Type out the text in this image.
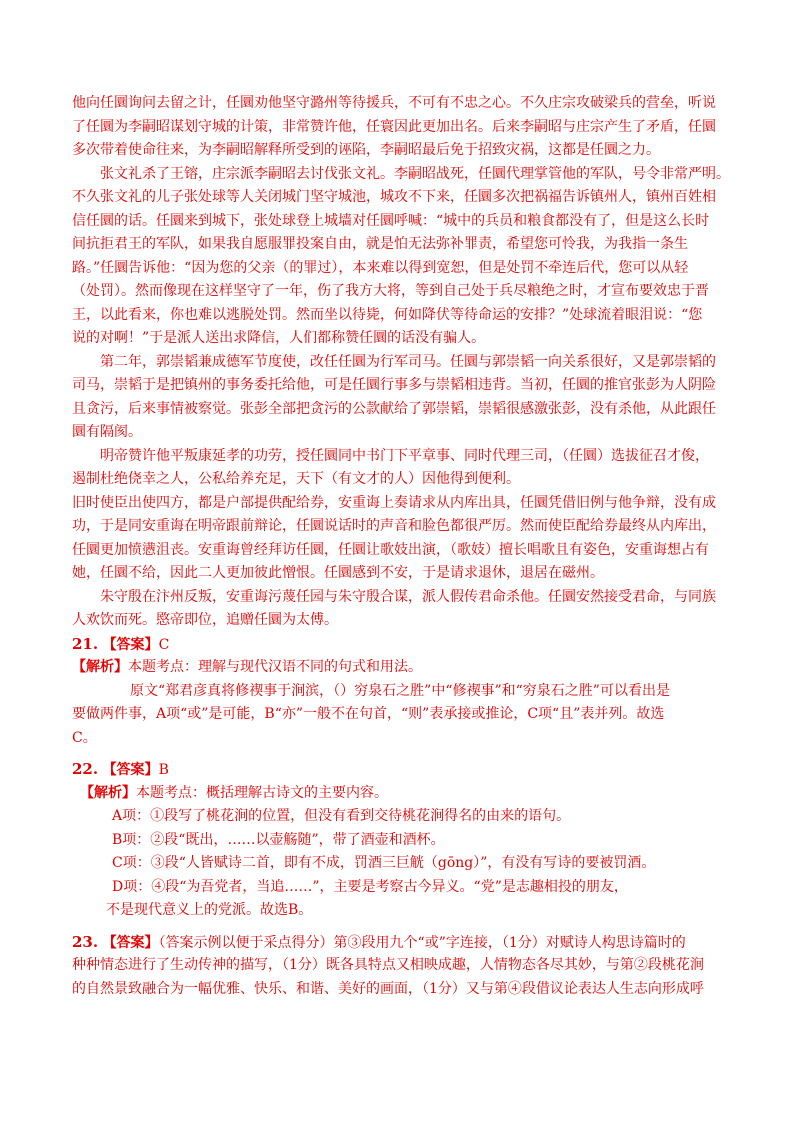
他向任圜询问去留之计，任圜劝他坚守潞州等待援兵，不可有不忠之心。不久庄宗攻破梁兵的营垒，听说
了任圜为李嗣昭谋划守城的计策，非常赞许他，任寰因此更加出名。后来李嗣昭与庄宗产生了矛盾，任圜
多次带着使命往来，为李嗣昭解释所受到的诬陷，李嗣昭最后免于招致灾祸，这都是任圜之力。
张文礼杀了王镕，庄宗派李嗣昭去讨伐张文礼。李嗣昭战死，任圜代理掌管他的军队，号令非常严明。
不久张文礼的儿子张处球等人关闭城门坚守城池，城攻不下来，任圜多次把祸福告诉镇州人，镇州百姓相
信任圜的话。任圜来到城下，张处球登上城墙对任圜呼喊：“城中的兵员和粮食都没有了，但是这么长时
间抗拒君王的军队，如果我自愿服罪投案自由，就是怕无法弥补罪责，希望您可怜我，为我指一条生
路。”任圜告诉他：“因为您的父亲（的罪过），本来难以得到宽恕，但是处罚不牵连后代，您可以从轻
（处罚）。然而像现在这样坚守了一年，伤了我方大将，等到自己处于兵尽粮绝之时，才宣布要效忠于晋
王，以此看来，你也难以逃脱处罚。然而坐以待毙，何如降伏等待命运的安排？”处球流着眼泪说：“您
说的对啊！”于是派人送出求降信，人们都称赞任圜的话没有骗人。
第二年，郭崇韬兼成德军节度使，改任任圜为行军司马。任圜与郭崇韬一向关系很好，又是郭崇韬的
司马，崇韬于是把镇州的事务委托给他，可是任圜行事多与崇韬相违背。当初，任圜的推官张彭为人阴险
且贪污，后来事情被察觉。张彭全部把贪污的公款献给了郭崇韬，崇韬很感激张彭，没有杀他，从此跟任
圜有隔阂。
明帝赞许他平叛康延孝的功劳，授任圜同中书门下平章事、同时代理三司，（任圜）选拔征召才俊，
遏制杜绝侥幸之人，公私给养充足，天下（有文才的人）因他得到便利。
旧时使臣出使四方，都是户部提供配给券，安重诲上奏请求从内库出具，任圜凭借旧例与他争辩，没有成
功，于是同安重诲在明帝跟前辩论，任圜说话时的声音和脸色都很严厉。然而使臣配给券最终从内库出，
任圜更加愤懑沮丧。安重诲曾经拜访任圜，任圜让歌妓出演，（歌妓）擅长唱歌且有姿色，安重诲想占有
她，任圜不给，因此二人更加彼此憎恨。任圜感到不安，于是请求退休，退居在磁州。
朱守殷在汴州反叛，安重诲污蔑任园与朱守殷合谋，派人假传君命杀他。任圜安然接受君命，与同族
人欢饮而死。愍帝即位，追赠任圜为太傅。
21. 【答案】C
【解析】本题考点：理解与现代汉语不同的句式和用法。
原文“郑君彦真将修禊事于涧滨，（）穷泉石之胜”中“修禊事”和“穷泉石之胜”可以看出是
要做两件事，A项“或”是可能，B“亦”一般不在句首，“则”表承接或推论，C项“且”表并列。故选
C。
22. 【答案】B
【解析】本题考点：概括理解古诗文的主要内容。
A项：①段写了桃花涧的位置，但没有看到交待桃花涧得名的由来的语句。
B项：②段“既出，……以壶觞随”，带了酒壶和酒杯。
C项：③段“人皆赋诗二首，即有不成，罚酒三巨觥（gōng）”，有没有写诗的要被罚酒。
D项：④段“为吾党者，当追……”，主要是考察古今异义。“党”是志趣相投的朋友，
不是现代意义上的党派。故选B。
23. 【答案】（答案示例以便于采点得分）第③段用九个“或”字连接，（1分）对赋诗人构思诗篇时的
种种情态进行了生动传神的描写，（1分）既各具特点又相映成趣，人情物态各尽其妙，与第②段桃花涧
的自然景致融合为一幅优雅、快乐、和谐、美好的画面，（1分）又与第④段借议论表达人生志向形成呼
